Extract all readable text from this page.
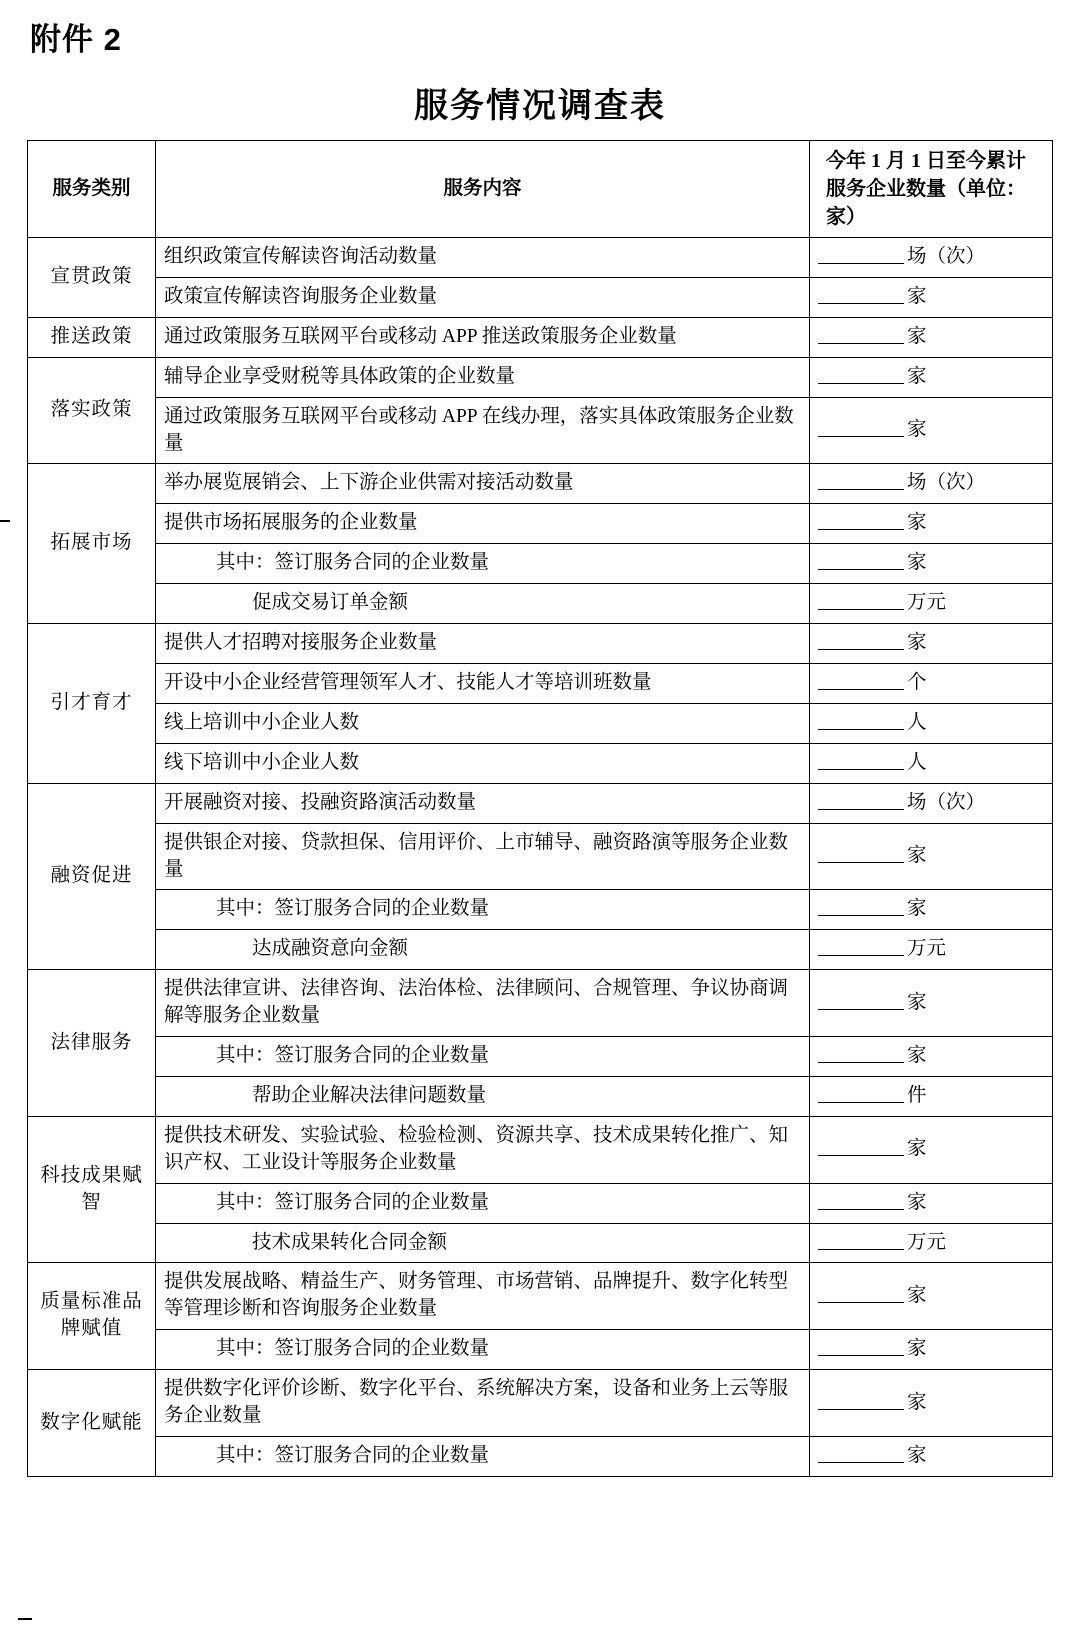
附件 2
服务情况调查表
服务类别	服务内容	今年 1 月 1 日至今累计服务企业数量（单位：家）
宣贯政策	组织政策宣传解读咨询活动数量	场（次）
	政策宣传解读咨询服务企业数量	家
推送政策	通过政策服务互联网平台或移动 APP 推送政策服务企业数量	家
落实政策	辅导企业享受财税等具体政策的企业数量	家
	通过政策服务互联网平台或移动 APP 在线办理，落实具体政策服务企业数量	家
拓展市场	举办展览展销会、上下游企业供需对接活动数量	场（次）
	提供市场拓展服务的企业数量	家
	其中：签订服务合同的企业数量	家
	促成交易订单金额	万元
引才育才	提供人才招聘对接服务企业数量	家
	开设中小企业经营管理领军人才、技能人才等培训班数量	个
	线上培训中小企业人数	人
	线下培训中小企业人数	人
融资促进	开展融资对接、投融资路演活动数量	场（次）
	提供银企对接、贷款担保、信用评价、上市辅导、融资路演等服务企业数量	家
	其中：签订服务合同的企业数量	家
	达成融资意向金额	万元
法律服务	提供法律宣讲、法律咨询、法治体检、法律顾问、合规管理、争议协商调解等服务企业数量	家
	其中：签订服务合同的企业数量	家
	帮助企业解决法律问题数量	件
科技成果赋智	提供技术研发、实验试验、检验检测、资源共享、技术成果转化推广、知识产权、工业设计等服务企业数量	家
	其中：签订服务合同的企业数量	家
	技术成果转化合同金额	万元
质量标准品牌赋值	提供发展战略、精益生产、财务管理、市场营销、品牌提升、数字化转型等管理诊断和咨询服务企业数量	家
	其中：签订服务合同的企业数量	家
数字化赋能	提供数字化评价诊断、数字化平台、系统解决方案，设备和业务上云等服务企业数量	家
	其中：签订服务合同的企业数量	家
